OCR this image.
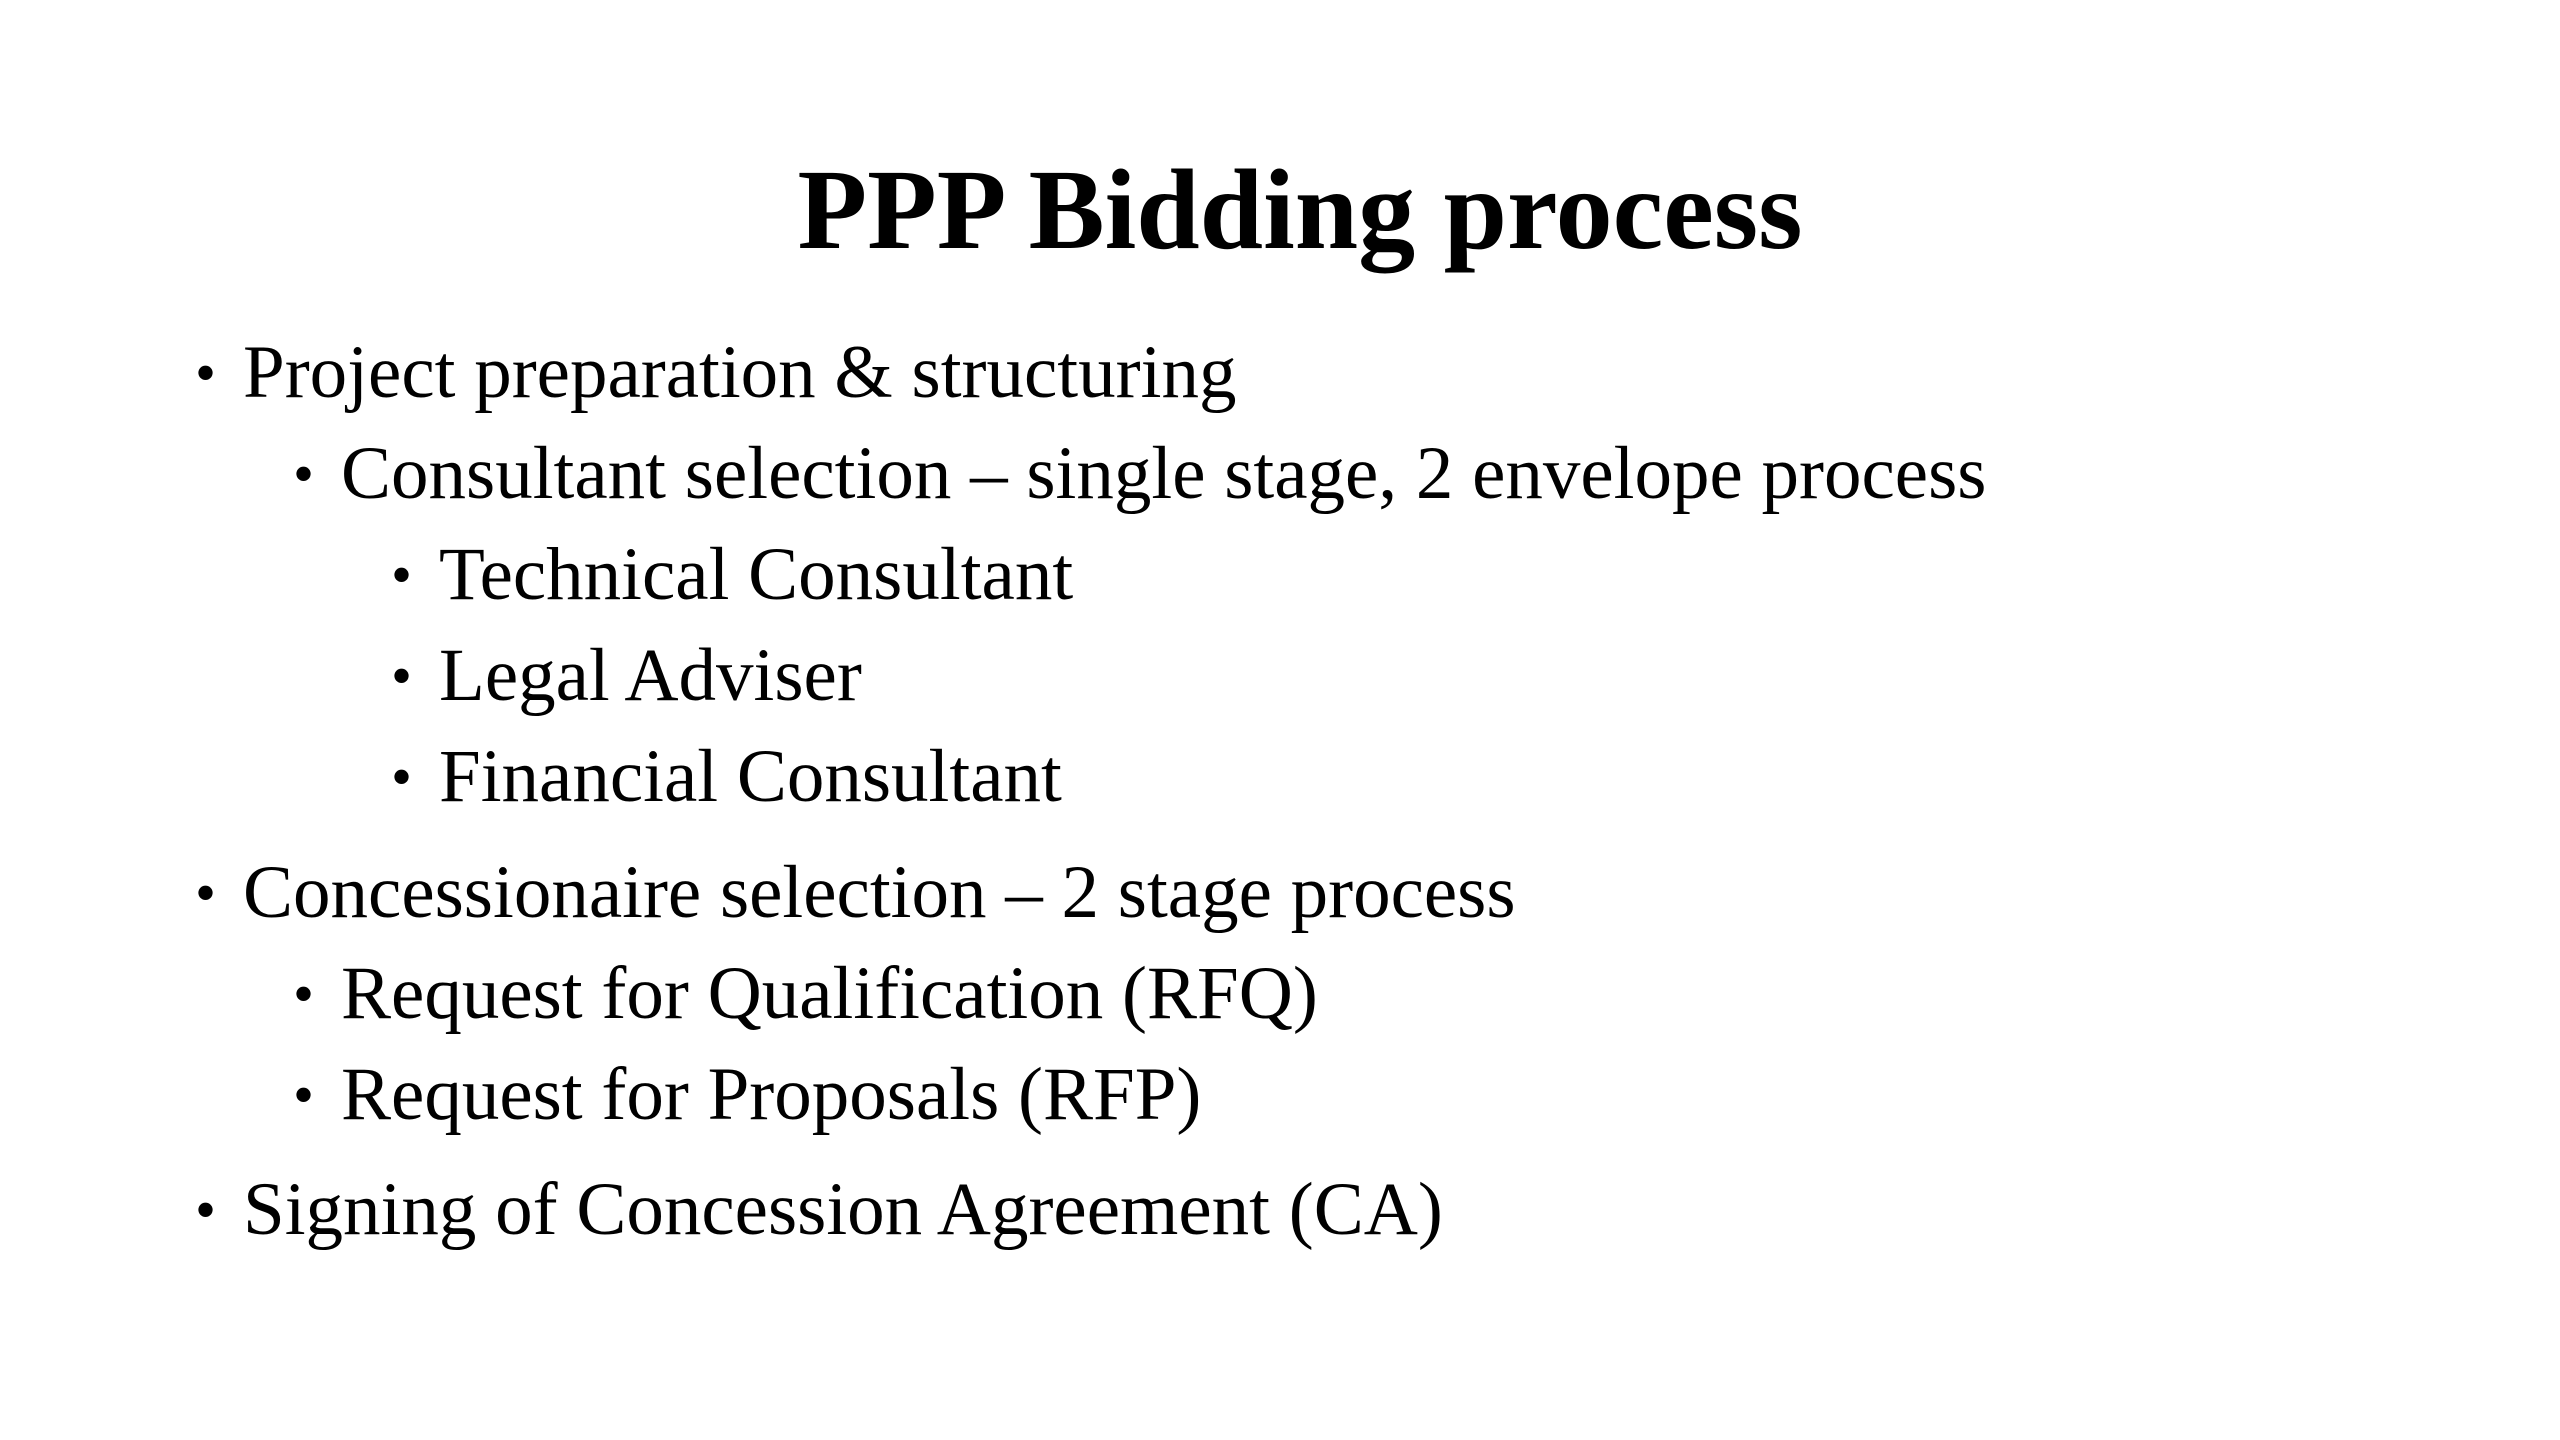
PPP Bidding process
• Project preparation & structuring
• Consultant selection – single stage, 2 envelope process
• Technical Consultant
• Legal Adviser
• Financial Consultant
• Concessionaire selection – 2 stage process
• Request for Qualification (RFQ)
• Request for Proposals (RFP)
• Signing of Concession Agreement (CA)
